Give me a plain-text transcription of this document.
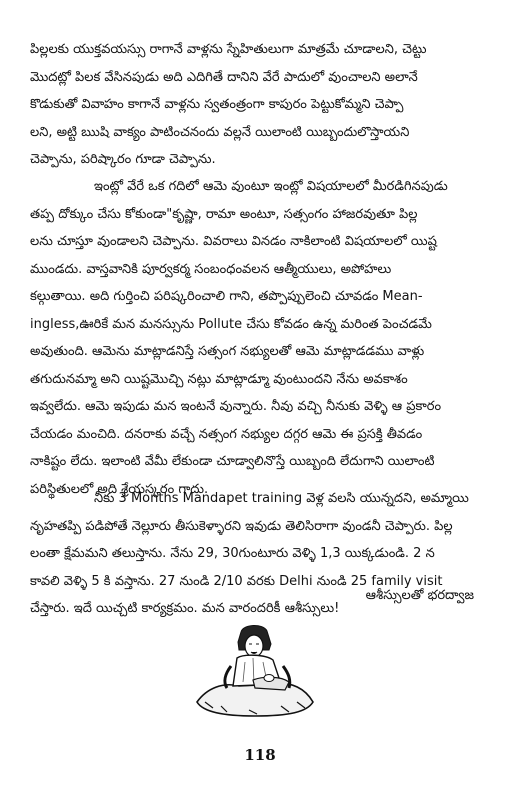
పిల్లలకు యుక్తవయస్సు రాగానే వాళ్లను స్నేహితులుగా మాత్రమే చూడాలని, చెట్టు
మొదట్లో పిలక వేసినపుడు అది ఎదిగితే దానిని వేరే పాదులో వుంచాలని అలానే
కొడుకుతో వివాహం కాగానే వాళ్లను స్వతంత్రంగా కాపురం పెట్టుకోమ్మని చెప్పా
లని, అట్టి ఋషి వాక్యం పాటించనందు వల్లనే యిలాంటి యిబ్బందులొస్తాయని
చెప్పాను, పరిష్కారం గూడా చెప్పాను.

ఇంట్లో వేరే ఒక గదిలో ఆమె వుంటూ ఇంట్లో విషయాలలో మీరడిగినపుడు
తప్ప దోక్కుం చేసు కోకుండా"కృష్ణా, రామా అంటూ, సత్సంగం హాజరవుతూ పిల్ల
లను చూస్తూ వుండాలని చెప్పాను. వివరాలు వినడం నాకిలాంటి విషయాలలో యిష్ట
ముండదు. వాస్తవానికి పూర్వకర్మ సంబంధంవలన ఆత్మీయులు, అపోహలు
కల్గుతాయి. అది గుర్తించి పరిష్కరించాలి గాని, తప్పొప్పులెంచి చూవడం Mean-
ingless,ఊరికే మన మనస్సును Pollute చేసు కోవడం ఉన్న మరింత పెంచడమే
అవుతుంది. ఆమెను మాట్లాడనిస్తే సత్సంగ నభ్యులతో ఆమె మాట్లాడడము వాళ్లు
తగుదునమ్మా అని యిష్టమొచ్చి నట్లు మాట్లాడ్మూ వుంటుందని నేను అవకాశం
ఇవ్వలేదు. ఆమె ఇపుడు మన ఇంటనే వున్నారు. నీవు వచ్చి నీనుకు వెళ్ళి ఆ ప్రకారం
చేయడం మంచిది. దనరాకు వచ్చే నత్సంగ నభ్యుల దగ్గర ఆమె ఈ ప్రసక్తి తీవడం
నాకిష్టం లేదు. ఇలాంటి వేమీ లేకుండా చూడ్వాలినొస్తే యిబ్బంది లేదుగాని యిలాంటి
పరిస్థితులలో అది శ్రేయస్కరం గాదు.

నీకు 3 Months Mandapet training వెళ్ల వలసి యున్నదని, అమ్మాయి
నృహతప్పి పడిపోతే నెల్లూరు తీసుకెళ్ళారని ఇవుడు తెలిసిరాగా వుండనీ చెప్పారు. పిల్ల
లంతా క్షేమమని తలుస్తాను. నేను 29, 30గుంటూరు వెళ్ళి 1,3 యిక్కడుండి. 2 న
కావలి వెళ్ళి 5 కి వస్తాను. 27 నుండి 2/10 వరకు Delhi నుండి 25 family visit
చేస్తారు. ఇదే యిచ్చటి కార్యక్రమం. మన వారందరికీ ఆశీస్సులు!

ఆశీస్సులతో భరద్వాజ

118
